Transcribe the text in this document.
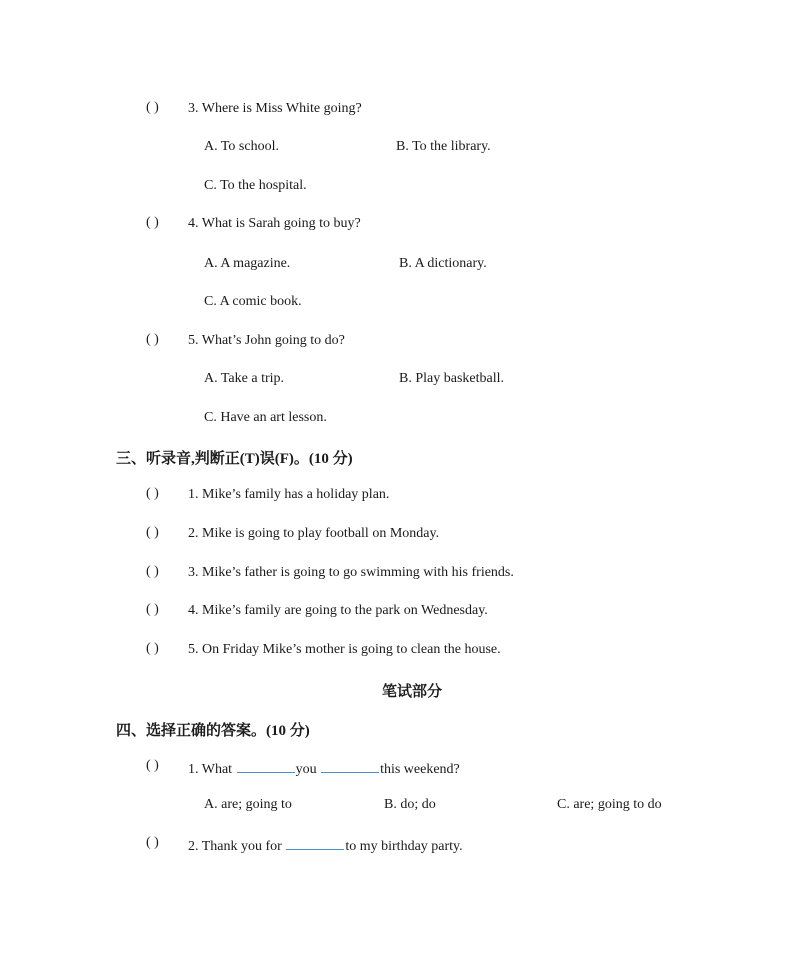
( ) 3. Where is Miss White going?
A. To school.	B. To the library.
C. To the hospital.
( ) 4. What is Sarah going to buy?
A. A magazine.	B. A dictionary.
C. A comic book.
( ) 5. What’s John going to do?
A. Take a trip.	B. Play basketball.
C. Have an art lesson.
三、听录音,判断正(T)误(F)。(10 分)
( ) 1. Mike’s family has a holiday plan.
( ) 2. Mike is going to play football on Monday.
( ) 3. Mike’s father is going to go swimming with his friends.
( ) 4. Mike’s family are going to the park on Wednesday.
( ) 5. On Friday Mike’s mother is going to clean the house.
笔试部分
四、选择正确的答案。(10 分)
( ) 1. What	you	this weekend?
A. are; going to	B. do; do	C. are; going to do
( ) 2. Thank you for	to my birthday party.
